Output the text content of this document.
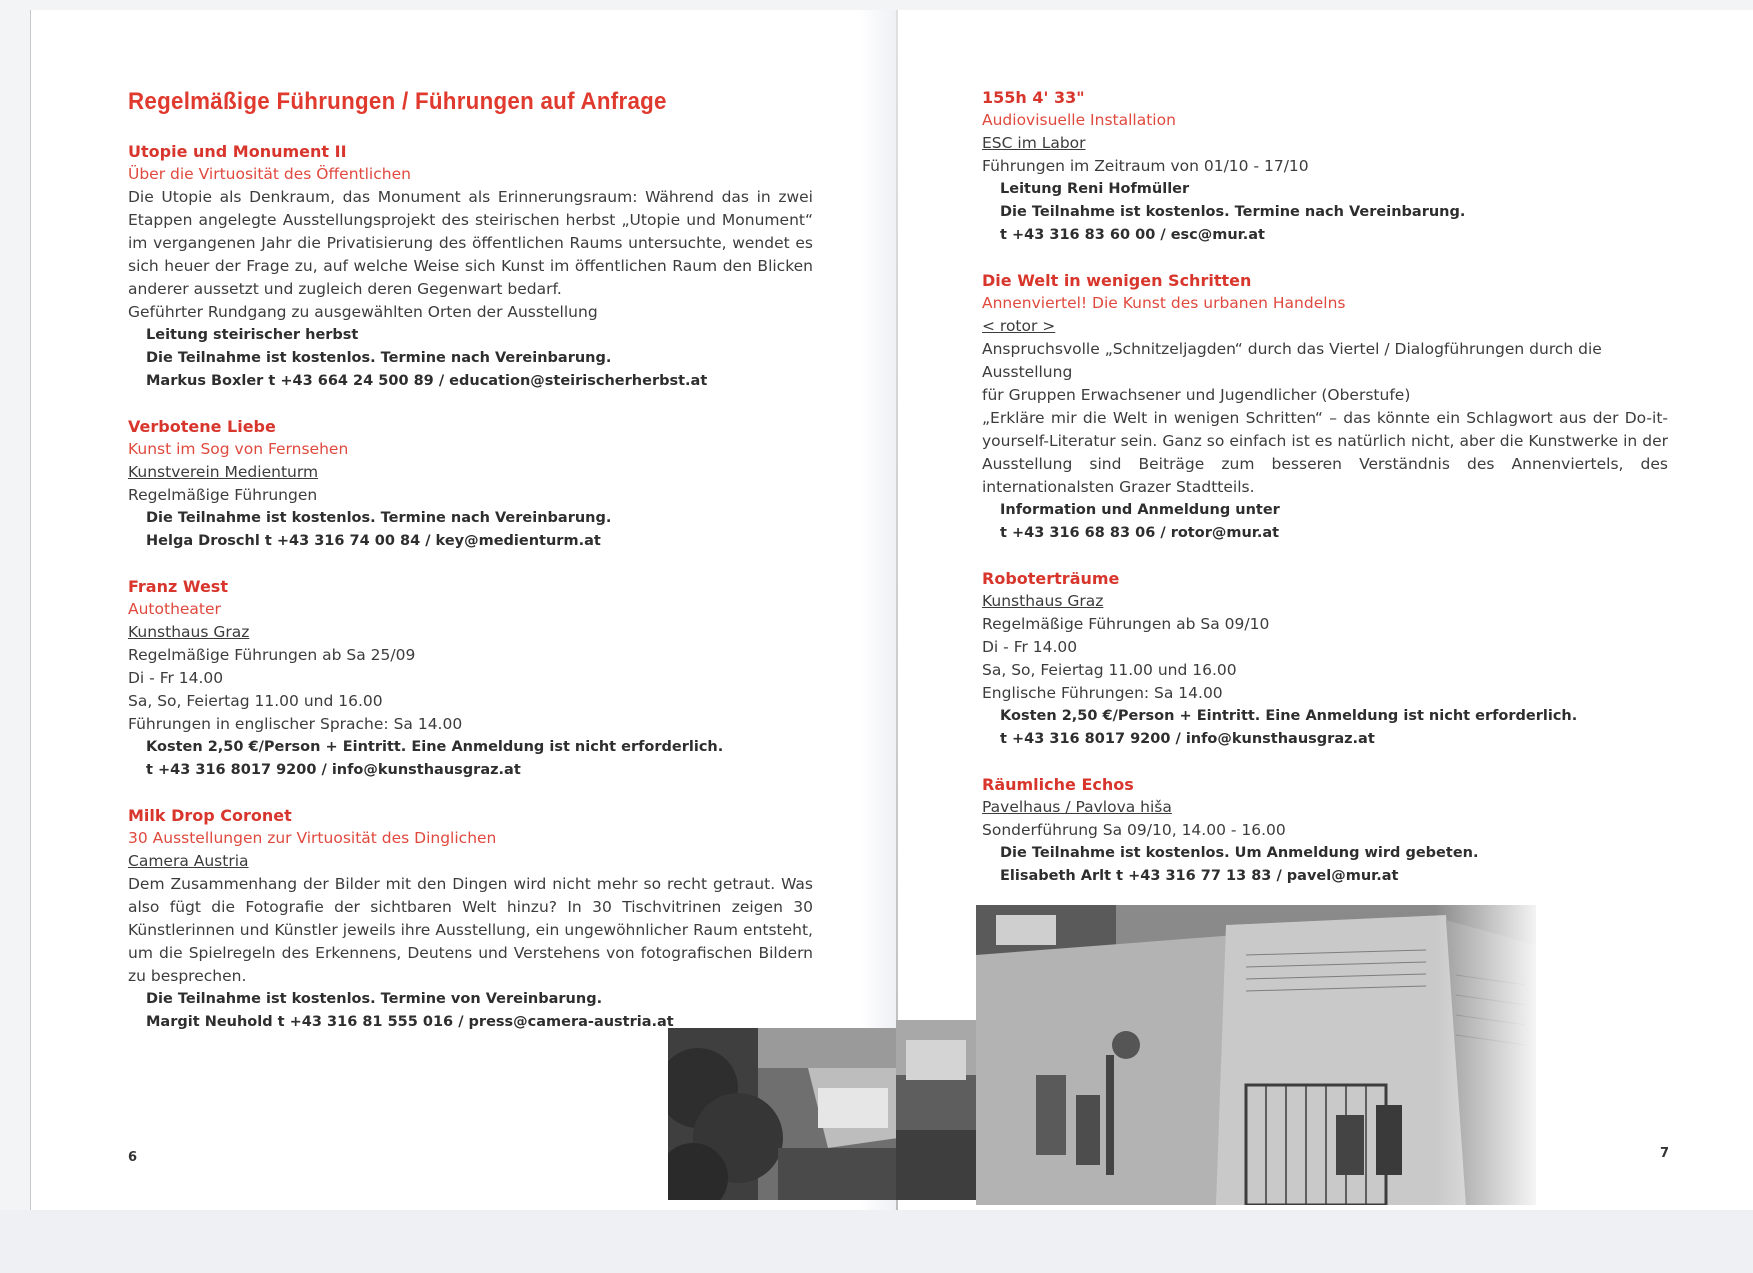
Regelmäßige Führungen / Führungen auf Anfrage
Utopie und Monument II
Über die Virtuosität des Öffentlichen
Die Utopie als Denkraum, das Monument als Erinnerungsraum: Während das in zwei Etappen angelegte Ausstellungsprojekt des steirischen herbst „Utopie und Monument“ im vergangenen Jahr die Privatisierung des öffentlichen Raums untersuchte, wendet es sich heuer der Frage zu, auf welche Weise sich Kunst im öffentlichen Raum den Blicken anderer aussetzt und zugleich deren Gegenwart bedarf.
Geführter Rundgang zu ausgewählten Orten der Ausstellung
Leitung steirischer herbst
Die Teilnahme ist kostenlos. Termine nach Vereinbarung.
Markus Boxler t +43 664 24 500 89 / education@steirischerherbst.at
Verbotene Liebe
Kunst im Sog von Fernsehen
Kunstverein Medienturm
Regelmäßige Führungen
Die Teilnahme ist kostenlos. Termine nach Vereinbarung.
Helga Droschl t +43 316 74 00 84 / key@medienturm.at
Franz West
Autotheater
Kunsthaus Graz
Regelmäßige Führungen ab Sa 25/09
Di - Fr 14.00
Sa, So, Feiertag 11.00 und 16.00
Führungen in englischer Sprache: Sa 14.00
Kosten 2,50 €/Person + Eintritt. Eine Anmeldung ist nicht erforderlich.
t +43 316 8017 9200 / info@kunsthausgraz.at
Milk Drop Coronet
30 Ausstellungen zur Virtuosität des Dinglichen
Camera Austria
Dem Zusammenhang der Bilder mit den Dingen wird nicht mehr so recht getraut. Was also fügt die Fotografie der sichtbaren Welt hinzu? In 30 Tischvitrinen zeigen 30 Künstlerinnen und Künstler jeweils ihre Ausstellung, ein ungewöhnlicher Raum entsteht, um die Spielregeln des Erkennens, Deutens und Verstehens von fotografischen Bildern zu besprechen.
Die Teilnahme ist kostenlos. Termine von Vereinbarung.
Margit Neuhold t +43 316 81 555 016 / press@camera-austria.at
155h 4' 33"
Audiovisuelle Installation
ESC im Labor
Führungen im Zeitraum von 01/10 - 17/10
Leitung Reni Hofmüller
Die Teilnahme ist kostenlos. Termine nach Vereinbarung.
t +43 316 83 60 00 / esc@mur.at
Die Welt in wenigen Schritten
Annenviertel! Die Kunst des urbanen Handelns
< rotor >
Anspruchsvolle „Schnitzeljagden“ durch das Viertel / Dialogführungen durch die Ausstellung
für Gruppen Erwachsener und Jugendlicher (Oberstufe)
„Erkläre mir die Welt in wenigen Schritten“ – das könnte ein Schlagwort aus der Do-it-yourself-Literatur sein. Ganz so einfach ist es natürlich nicht, aber die Kunstwerke in der Ausstellung sind Beiträge zum besseren Verständnis des Annenviertels, des internationalsten Grazer Stadtteils.
Information und Anmeldung unter
t +43 316 68 83 06 / rotor@mur.at
Roboterträume
Kunsthaus Graz
Regelmäßige Führungen ab Sa 09/10
Di - Fr 14.00
Sa, So, Feiertag 11.00 und 16.00
Englische Führungen: Sa 14.00
Kosten 2,50 €/Person + Eintritt. Eine Anmeldung ist nicht erforderlich.
t +43 316 8017 9200 / info@kunsthausgraz.at
Räumliche Echos
Pavelhaus / Pavlova hiša
Sonderführung Sa 09/10, 14.00 - 16.00
Die Teilnahme ist kostenlos. Um Anmeldung wird gebeten.
Elisabeth Arlt t +43 316 77 13 83 / pavel@mur.at
6	7
